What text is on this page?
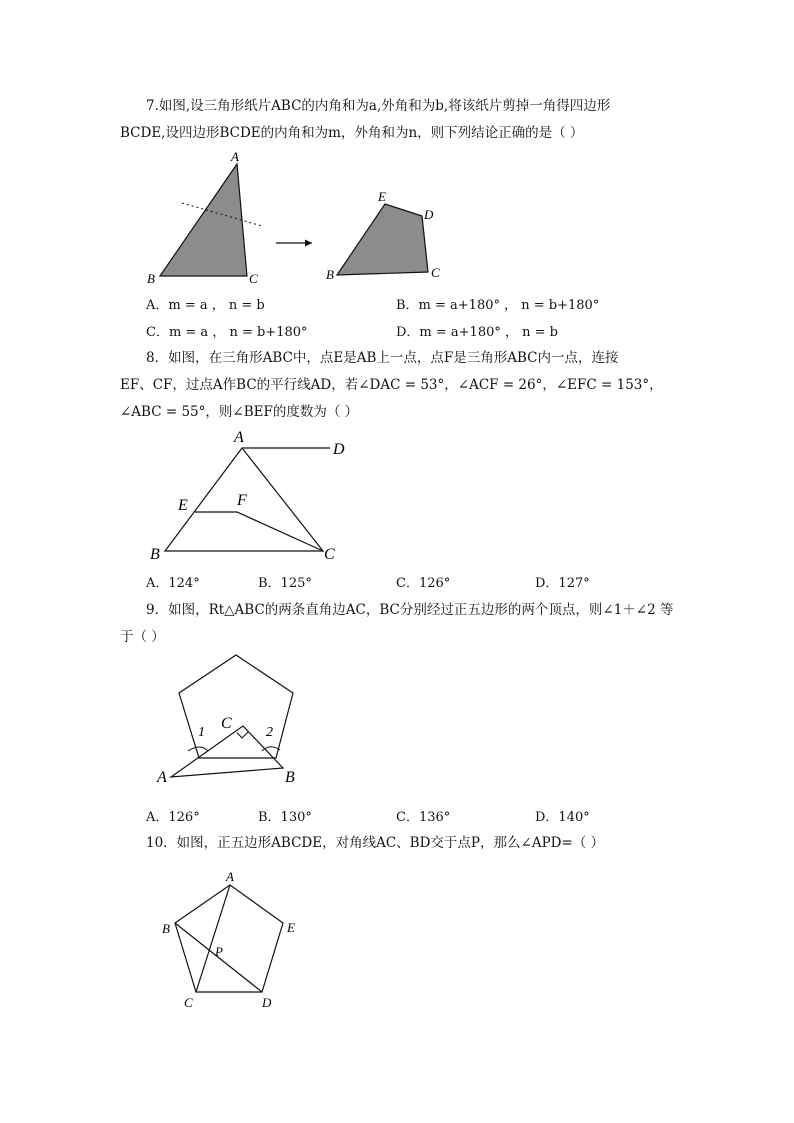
7.如图,设三角形纸片ABC的内角和为a,外角和为b,将该纸片剪掉一角得四边形
BCDE,设四边形BCDE的内角和为m，外角和为n，则下列结论正确的是（ ）
A
B	C
E
D
B	C
A．m = a ， n = b	B．m = a+180° ， n = b+180°
C．m = a ， n = b+180°	D．m = a+180° ， n = b
8．如图，在三角形ABC中，点E是AB上一点，点F是三角形ABC内一点，连接
EF、CF，过点A作BC的平行线AD，若∠DAC = 53°，∠ACF = 26°，∠EFC = 153°，
∠ABC = 55°，则∠BEF的度数为（ ）
A
D
E	F
B	C
A．124°	B．125°	C．126°	D．127°
9．如图，Rt△ABC的两条直角边AC，BC分别经过正五边形的两个顶点，则∠1＋∠2 等
于（ ）
C
1	2
A	B
A．126°	B．130°	C．136°	D．140°
10．如图，正五边形ABCDE，对角线AC、BD交于点P，那么∠APD=（ ）
A
B	E
P
C	D
